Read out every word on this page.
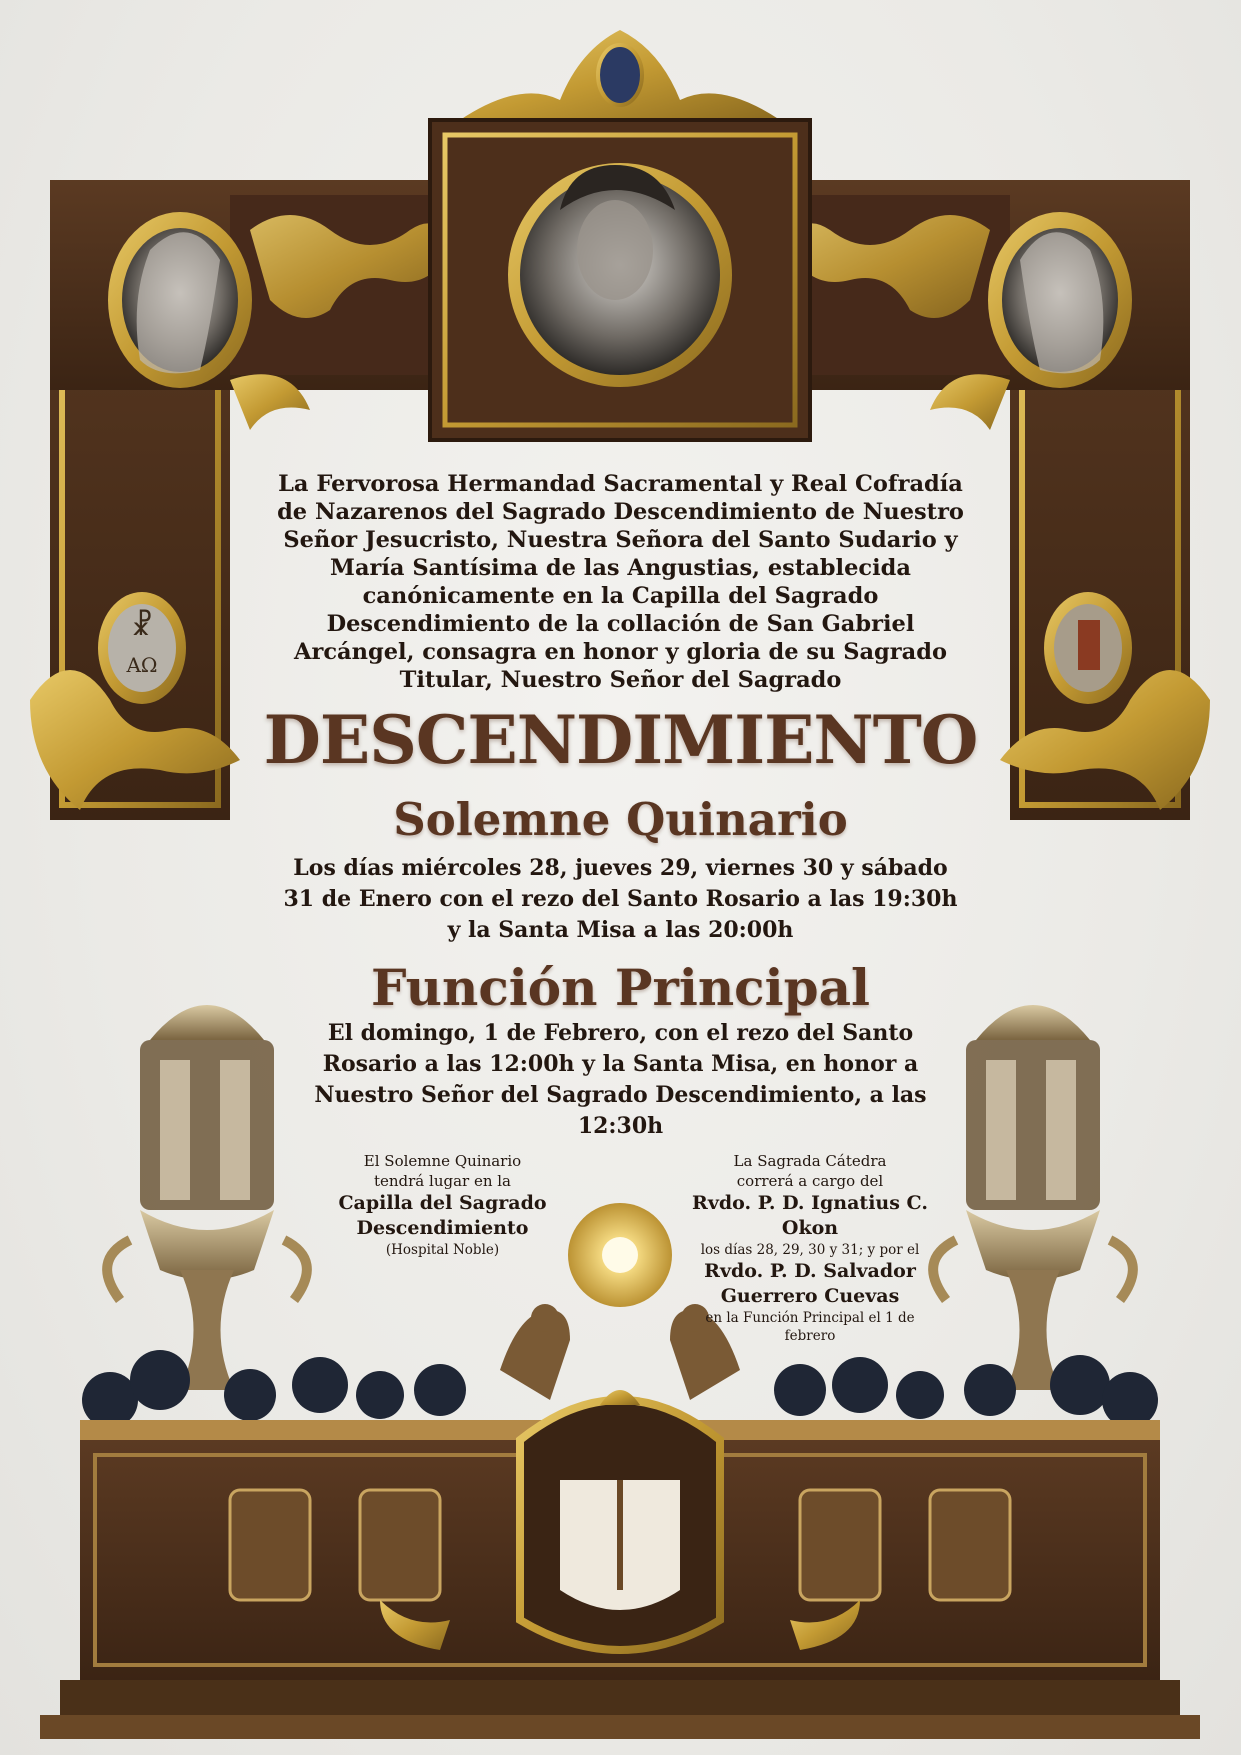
☧
AΩ
La Fervorosa Hermandad Sacramental y Real Cofradía de Nazarenos del Sagrado Descendimiento de Nuestro Señor Jesucristo, Nuestra Señora del Santo Sudario y María Santísima de las Angustias, establecida canónicamente en la Capilla del Sagrado Descendimiento de la collación de San Gabriel Arcángel, consagra en honor y gloria de su Sagrado Titular, Nuestro Señor del Sagrado
DESCENDIMIENTO
Solemne Quinario
Los días miércoles 28, jueves 29, viernes 30 y sábado
31 de Enero con el rezo del Santo Rosario a las 19:30h
y la Santa Misa a las 20:00h
Función Principal
El domingo, 1 de Febrero, con el rezo del Santo Rosario a las 12:00h y la Santa Misa, en honor a Nuestro Señor del Sagrado Descendimiento, a las 12:30h
El Solemne Quinario
tendrá lugar en la
Capilla del Sagrado Descendimiento
(Hospital Noble)
La Sagrada Cátedra
correrá a cargo del
Rvdo. P. D. Ignatius C. Okon
los días 28, 29, 30 y 31; y por el
Rvdo. P. D. Salvador Guerrero Cuevas
en la Función Principal el 1 de febrero
